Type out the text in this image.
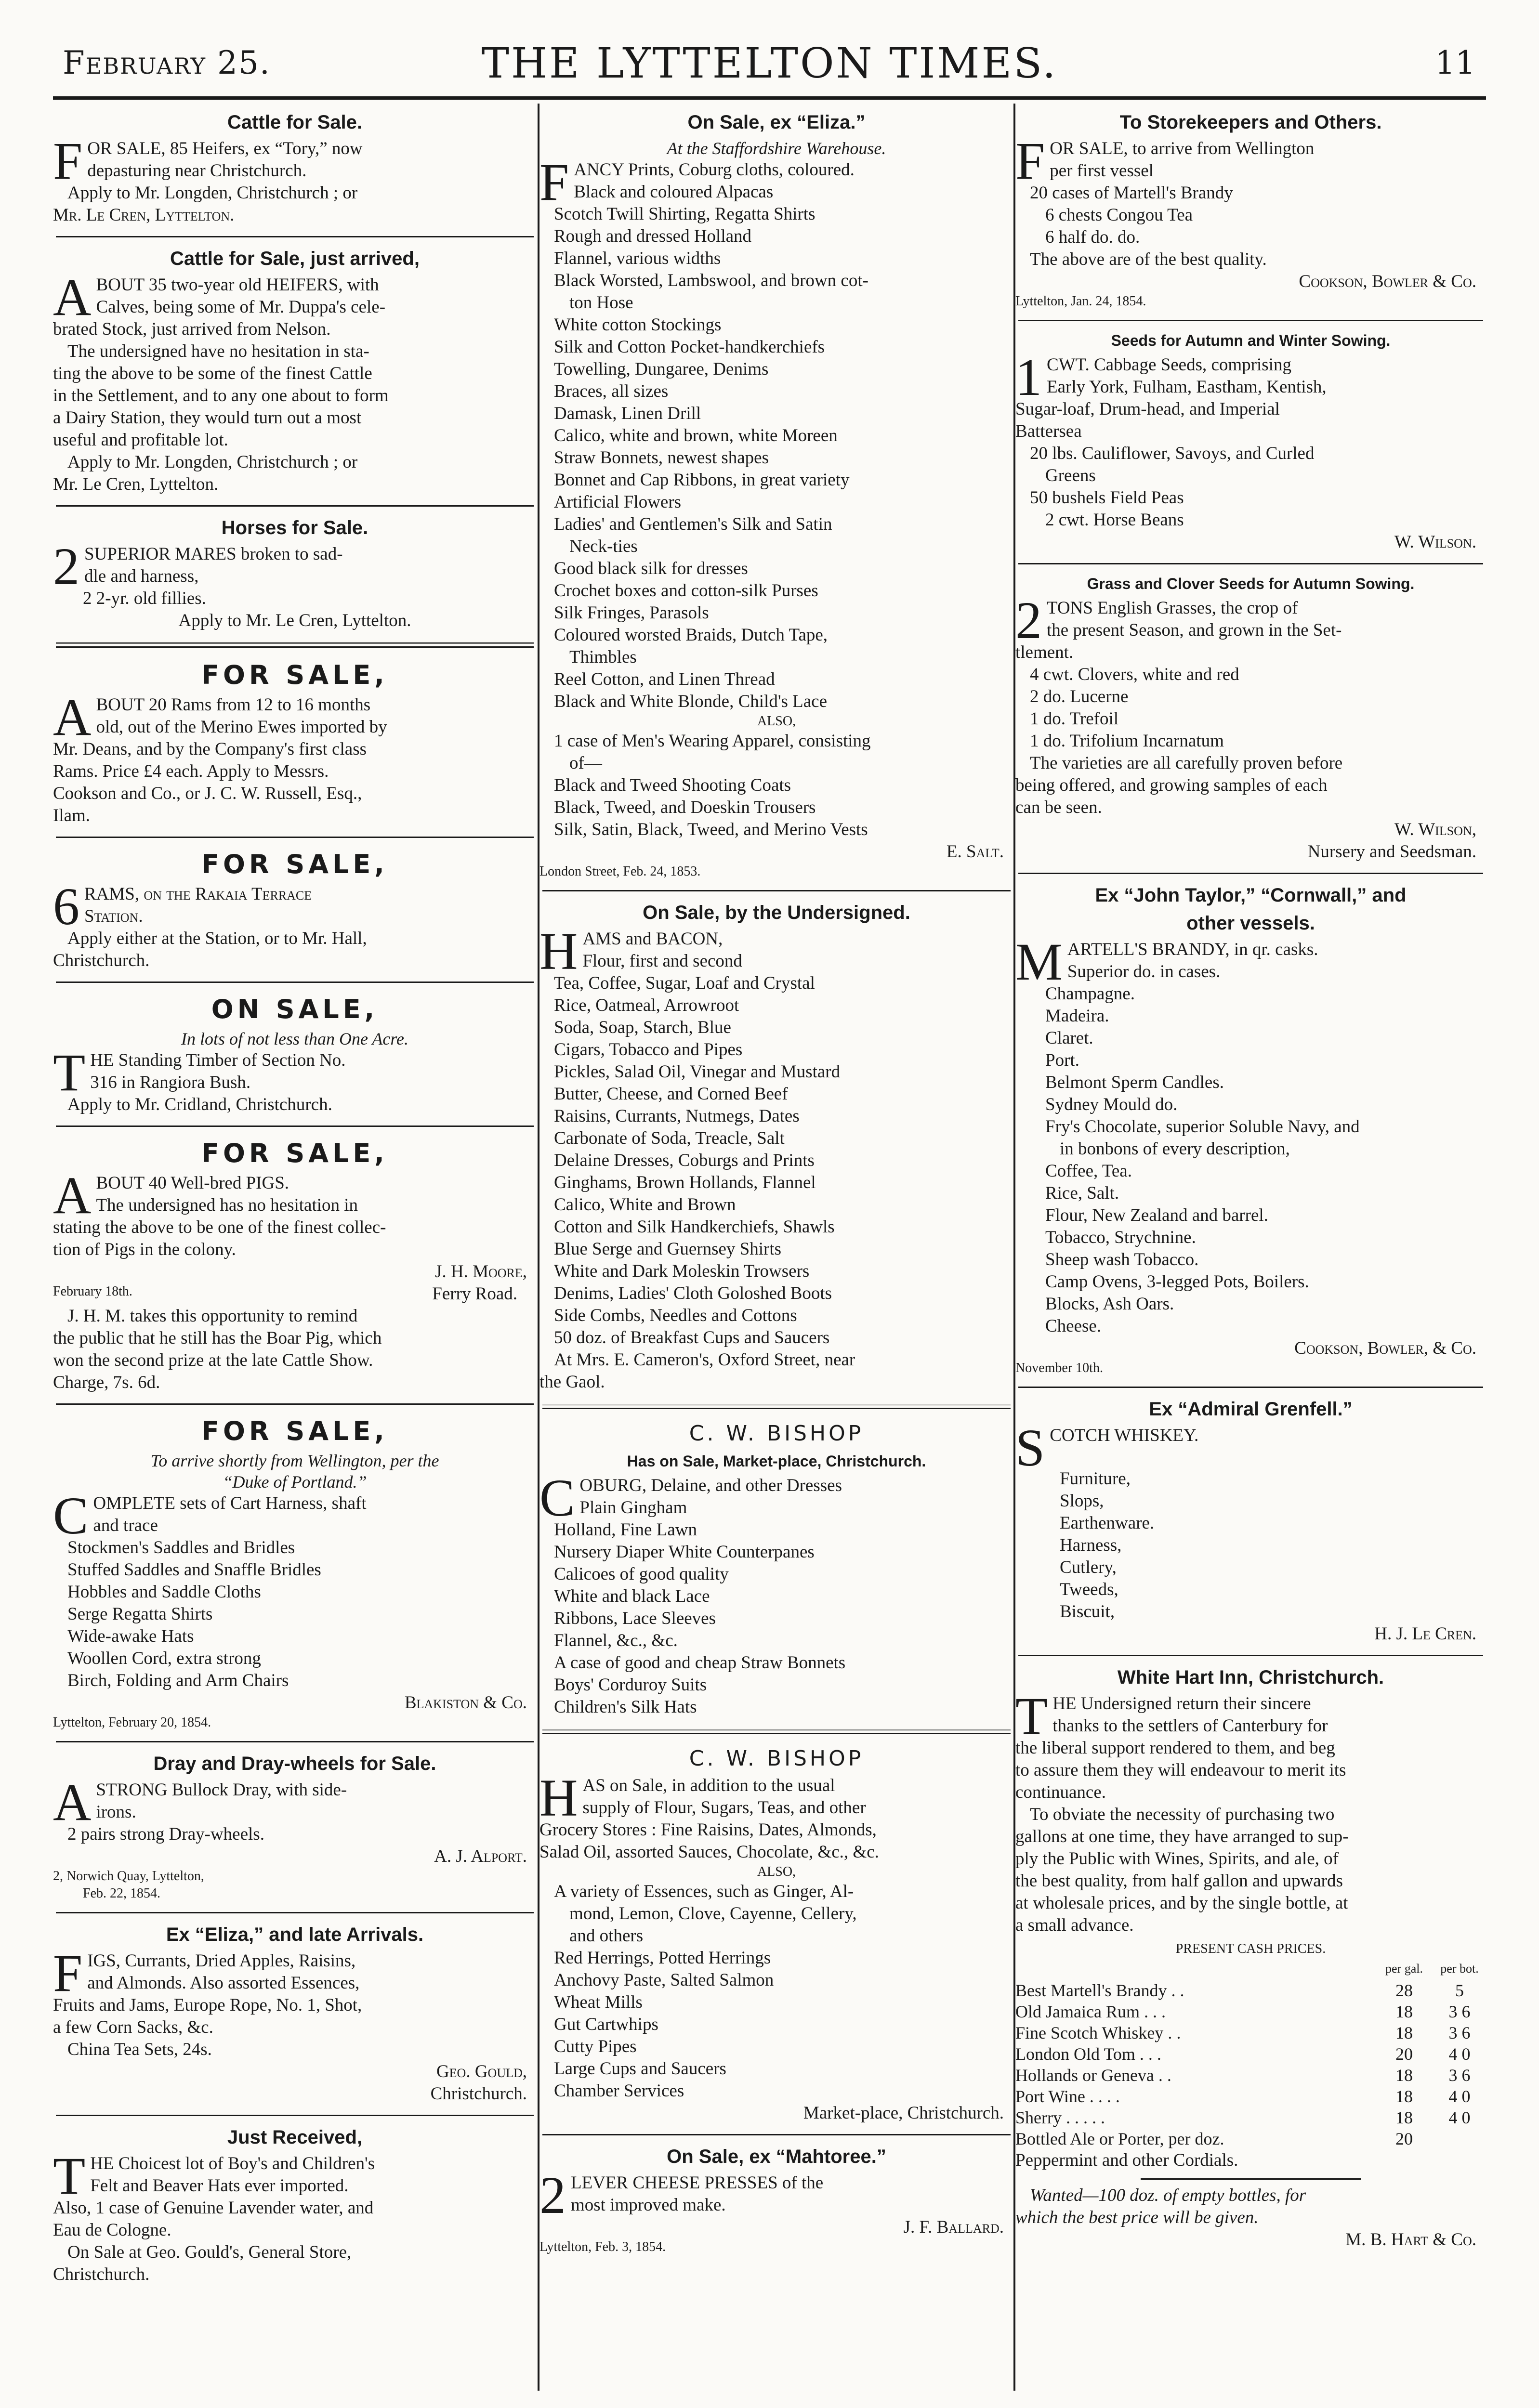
February 25.	THE LYTTELTON TIMES.	11
Cattle for Sale.
F OR SALE, 85 Heifers, ex “Tory,” now
depasturing near Christchurch.
Apply to Mr. Longden, Christchurch ; or
Mr. Le Cren, Lyttelton.
Cattle for Sale, just arrived,
A BOUT 35 two-year old HEIFERS, with
Calves, being some of Mr. Duppa's cele-
brated Stock, just arrived from Nelson.
The undersigned have no hesitation in sta-
ting the above to be some of the finest Cattle
in the Settlement, and to any one about to form
a Dairy Station, they would turn out a most
useful and profitable lot.
Apply to Mr. Longden, Christchurch ; or
Mr. Le Cren, Lyttelton.
Horses for Sale.
2 SUPERIOR MARES broken to sad-
dle and harness,
2 2-yr. old fillies.
Apply to Mr. Le Cren, Lyttelton.
FOR SALE,
A BOUT 20 Rams from 12 to 16 months
old, out of the Merino Ewes imported by
Mr. Deans, and by the Company's first class
Rams. Price £4 each. Apply to Messrs.
Cookson and Co., or J. C. W. Russell, Esq.,
Ilam.
FOR SALE,
6 RAMS, on the Rakaia Terrace
Station.
Apply either at the Station, or to Mr. Hall,
Christchurch.
ON SALE,
In lots of not less than One Acre.
T HE Standing Timber of Section No.
316 in Rangiora Bush.
Apply to Mr. Cridland, Christchurch.
FOR SALE,
A BOUT 40 Well-bred PIGS.
The undersigned has no hesitation in
stating the above to be one of the finest collec-
tion of Pigs in the colony.
J. H. Moore,
February 18th.	Ferry Road.
J. H. M. takes this opportunity to remind
the public that he still has the Boar Pig, which
won the second prize at the late Cattle Show.
Charge, 7s. 6d.
FOR SALE,
To arrive shortly from Wellington, per the
“Duke of Portland.”
C OMPLETE sets of Cart Harness, shaft
and trace
Stockmen's Saddles and Bridles
Stuffed Saddles and Snaffle Bridles
Hobbles and Saddle Cloths
Serge Regatta Shirts
Wide-awake Hats
Woollen Cord, extra strong
Birch, Folding and Arm Chairs
Blakiston & Co.
Lyttelton, February 20, 1854.
Dray and Dray-wheels for Sale.
A STRONG Bullock Dray, with side-
irons.
2 pairs strong Dray-wheels.
A. J. Alport.
2, Norwich Quay, Lyttelton,
Feb. 22, 1854.
Ex “Eliza,” and late Arrivals.
F IGS, Currants, Dried Apples, Raisins,
and Almonds. Also assorted Essences,
Fruits and Jams, Europe Rope, No. 1, Shot,
a few Corn Sacks, &c.
China Tea Sets, 24s.
Geo. Gould,
Christchurch.
Just Received,
T HE Choicest lot of Boy's and Children's
Felt and Beaver Hats ever imported.
Also, 1 case of Genuine Lavender water, and
Eau de Cologne.
On Sale at Geo. Gould's, General Store,
Christchurch.
On Sale, ex “Eliza.”
At the Staffordshire Warehouse.
F ANCY Prints, Coburg cloths, coloured.
Black and coloured Alpacas
Scotch Twill Shirting, Regatta Shirts
Rough and dressed Holland
Flannel, various widths
Black Worsted, Lambswool, and brown cot-
ton Hose
White cotton Stockings
Silk and Cotton Pocket-handkerchiefs
Towelling, Dungaree, Denims
Braces, all sizes
Damask, Linen Drill
Calico, white and brown, white Moreen
Straw Bonnets, newest shapes
Bonnet and Cap Ribbons, in great variety
Artificial Flowers
Ladies' and Gentlemen's Silk and Satin
Neck-ties
Good black silk for dresses
Crochet boxes and cotton-silk Purses
Silk Fringes, Parasols
Coloured worsted Braids, Dutch Tape,
Thimbles
Reel Cotton, and Linen Thread
Black and White Blonde, Child's Lace
ALSO,
1 case of Men's Wearing Apparel, consisting
of—
Black and Tweed Shooting Coats
Black, Tweed, and Doeskin Trousers
Silk, Satin, Black, Tweed, and Merino Vests
E. Salt.
London Street, Feb. 24, 1853.
On Sale, by the Undersigned.
H AMS and BACON,
Flour, first and second
Tea, Coffee, Sugar, Loaf and Crystal
Rice, Oatmeal, Arrowroot
Soda, Soap, Starch, Blue
Cigars, Tobacco and Pipes
Pickles, Salad Oil, Vinegar and Mustard
Butter, Cheese, and Corned Beef
Raisins, Currants, Nutmegs, Dates
Carbonate of Soda, Treacle, Salt
Delaine Dresses, Coburgs and Prints
Ginghams, Brown Hollands, Flannel
Calico, White and Brown
Cotton and Silk Handkerchiefs, Shawls
Blue Serge and Guernsey Shirts
White and Dark Moleskin Trowsers
Denims, Ladies' Cloth Goloshed Boots
Side Combs, Needles and Cottons
50 doz. of Breakfast Cups and Saucers
At Mrs. E. Cameron's, Oxford Street, near
the Gaol.
C. W. BISHOP
Has on Sale, Market-place, Christchurch.
C OBURG, Delaine, and other Dresses
Plain Gingham
Holland, Fine Lawn
Nursery Diaper White Counterpanes
Calicoes of good quality
White and black Lace
Ribbons, Lace Sleeves
Flannel, &c., &c.
A case of good and cheap Straw Bonnets
Boys' Corduroy Suits
Children's Silk Hats
C. W. BISHOP
H AS on Sale, in addition to the usual
supply of Flour, Sugars, Teas, and other
Grocery Stores : Fine Raisins, Dates, Almonds,
Salad Oil, assorted Sauces, Chocolate, &c., &c.
ALSO,
A variety of Essences, such as Ginger, Al-
mond, Lemon, Clove, Cayenne, Cellery,
and others
Red Herrings, Potted Herrings
Anchovy Paste, Salted Salmon
Wheat Mills
Gut Cartwhips
Cutty Pipes
Large Cups and Saucers
Chamber Services
Market-place, Christchurch.
On Sale, ex “Mahtoree.”
2 LEVER CHEESE PRESSES of the
most improved make.
J. F. Ballard.
Lyttelton, Feb. 3, 1854.
To Storekeepers and Others.
F OR SALE, to arrive from Wellington
per first vessel
20 cases of Martell's Brandy
6 chests Congou Tea
6 half do. do.
The above are of the best quality.
Cookson, Bowler & Co.
Lyttelton, Jan. 24, 1854.
Seeds for Autumn and Winter Sowing.
1 CWT. Cabbage Seeds, comprising
Early York, Fulham, Eastham, Kentish,
Sugar-loaf, Drum-head, and Imperial
Battersea
20 lbs. Cauliflower, Savoys, and Curled
Greens
50 bushels Field Peas
2 cwt. Horse Beans
W. Wilson.
Grass and Clover Seeds for Autumn Sowing.
2 TONS English Grasses, the crop of
the present Season, and grown in the Set-
tlement.
4 cwt. Clovers, white and red
2 do. Lucerne
1 do. Trefoil
1 do. Trifolium Incarnatum
The varieties are all carefully proven before
being offered, and growing samples of each
can be seen.
W. Wilson,
Nursery and Seedsman.
Ex “John Taylor,” “Cornwall,” and
other vessels.
M ARTELL'S BRANDY, in qr. casks.
Superior do. in cases.
Champagne.
Madeira.
Claret.
Port.
Belmont Sperm Candles.
Sydney Mould do.
Fry's Chocolate, superior Soluble Navy, and
in bonbons of every description,
Coffee, Tea.
Rice, Salt.
Flour, New Zealand and barrel.
Tobacco, Strychnine.
Sheep wash Tobacco.
Camp Ovens, 3-legged Pots, Boilers.
Blocks, Ash Oars.
Cheese.
Cookson, Bowler, & Co.
November 10th.
Ex “Admiral Grenfell.”
S COTCH WHISKEY.
Furniture,
Slops,
Earthenware.
Harness,
Cutlery,
Tweeds,
Biscuit,
H. J. Le Cren.
White Hart Inn, Christchurch.
T HE Undersigned return their sincere
thanks to the settlers of Canterbury for
the liberal support rendered to them, and beg
to assure them they will endeavour to merit its
continuance.
To obviate the necessity of purchasing two
gallons at one time, they have arranged to sup-
ply the Public with Wines, Spirits, and ale, of
the best quality, from half gallon and upwards
at wholesale prices, and by the single bottle, at
a small advance.
PRESENT CASH PRICES.
	per gal.	per bot.
Best Martell's Brandy . .	28	5
Old Jamaica Rum . . .	18	3 6
Fine Scotch Whiskey . .	18	3 6
London Old Tom . . .	20	4 0
Hollands or Geneva . .	18	3 6
Port Wine . . . .	18	4 0
Sherry . . . . .	18	4 0
Bottled Ale or Porter, per doz.	20	
Peppermint and other Cordials.
Wanted—100 doz. of empty bottles, for
which the best price will be given.
M. B. Hart & Co.
